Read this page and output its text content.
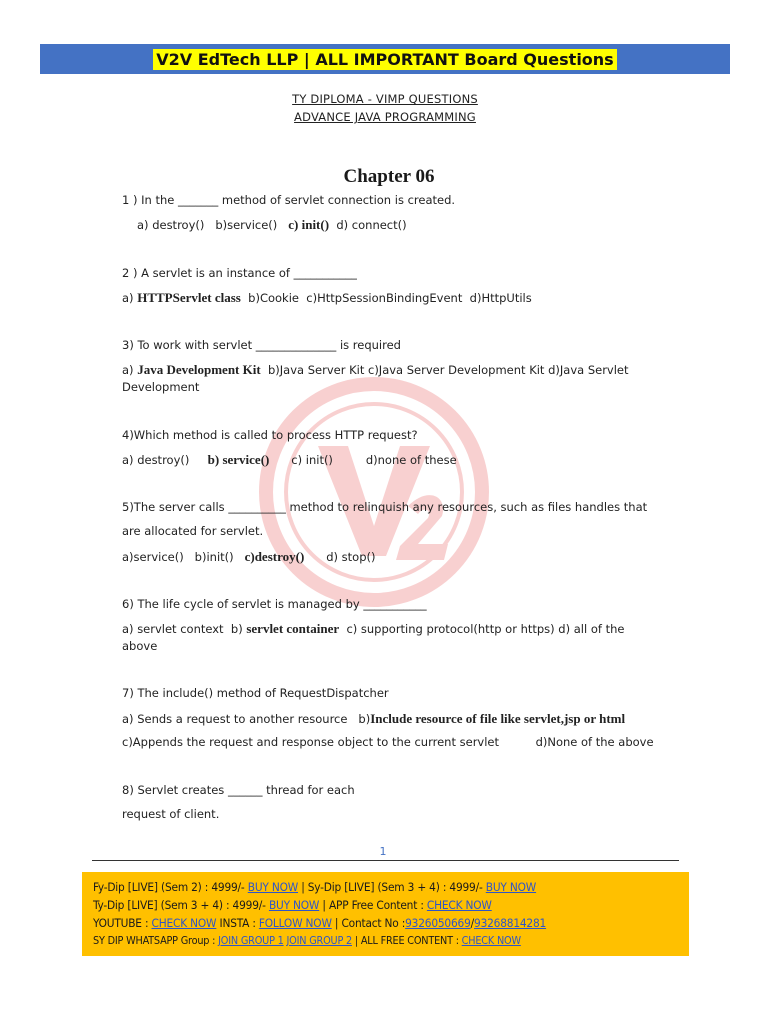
V2V EdTech LLP | ALL IMPORTANT Board Questions
TY DIPLOMA - VIMP QUESTIONS
ADVANCE JAVA PROGRAMMING
Chapter 06
1 ) In the _______ method of servlet connection is created.
a) destroy() b)service() c) init() d) connect()
2 ) A servlet is an instance of ___________
a) HTTPServlet class b)Cookie c)HttpSessionBindingEvent d)HttpUtils
3) To work with servlet ______________ is required
a) Java Development Kit b)Java Server Kit c)Java Server Development Kit d)Java Servlet
Development
4)Which method is called to process HTTP request?
a) destroy() b) service() c) init()	d)none of these
5)The server calls __________ method to relinquish any resources, such as files handles that
are allocated for servlet.
a)service() b)init() c)destroy() d) stop()
6) The life cycle of servlet is managed by ___________
a) servlet context b) servlet container c) supporting protocol(http or https) d) all of the
above
7) The include() method of RequestDispatcher
a) Sends a request to another resource b)Include resource of file like servlet,jsp or html
c)Appends the request and response object to the current servlet	d)None of the above
8) Servlet creates ______ thread for each
request of client.
1
Fy-Dip [LIVE] (Sem 2) : 4999/- BUY NOW | Sy-Dip [LIVE] (Sem 3 + 4) : 4999/- BUY NOW
Ty-Dip [LIVE] (Sem 3 + 4) : 4999/- BUY NOW | APP Free Content : CHECK NOW
YOUTUBE : CHECK NOW INSTA : FOLLOW NOW | Contact No :9326050669/93268814281
SY DIP WHATSAPP Group : JOIN GROUP 1 JOIN GROUP 2 | ALL FREE CONTENT : CHECK NOW
